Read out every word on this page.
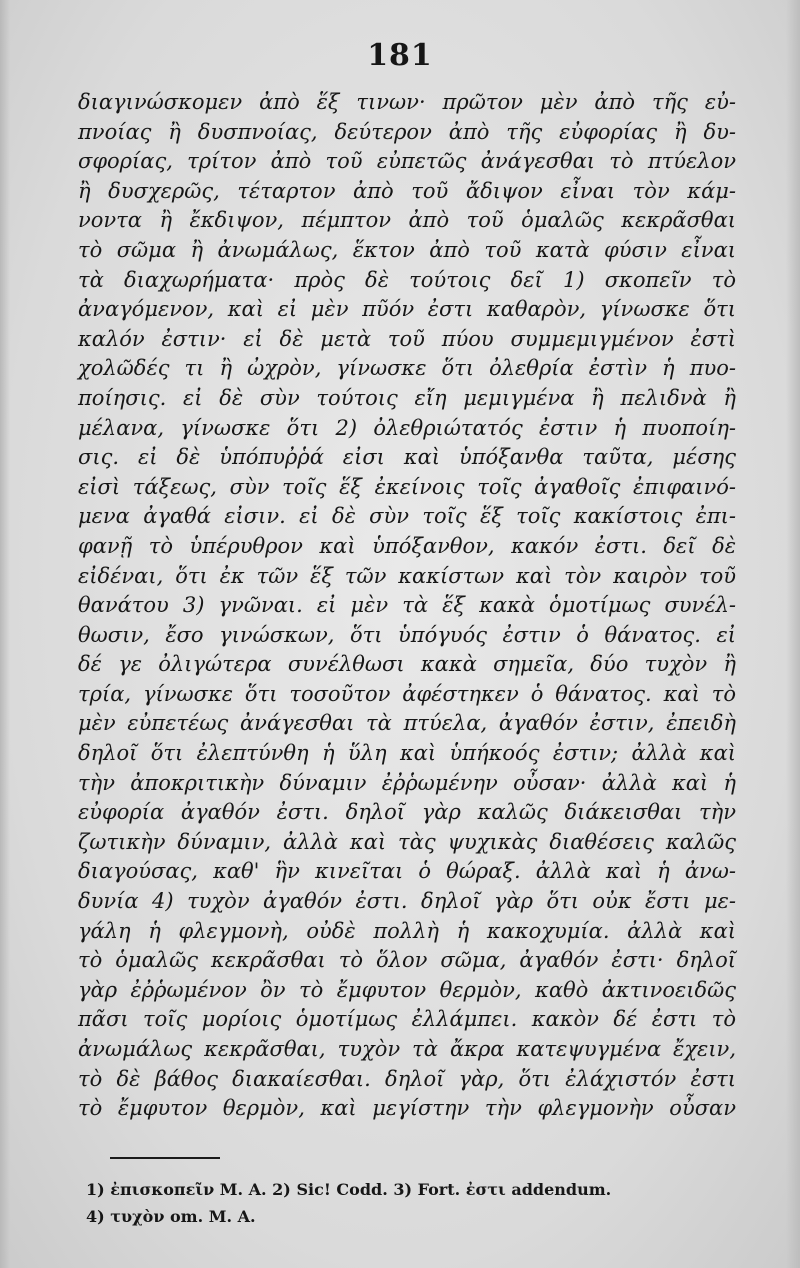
181
διαγινώσκομεν ἀπὸ ἕξ τινων· πρῶτον μὲν ἀπὸ τῆς εὐ-
πνοίας ἢ δυσπνοίας, δεύτερον ἀπὸ τῆς εὐφορίας ἢ δυ-
σφορίας, τρίτον ἀπὸ τοῦ εὐπετῶς ἀνάγεσθαι τὸ πτύελον
ἢ δυσχερῶς, τέταρτον ἀπὸ τοῦ ἄδιψον εἶναι τὸν κάμ-
νοντα ἢ ἔκδιψον, πέμπτον ἀπὸ τοῦ ὁμαλῶς κεκρᾶσθαι
τὸ σῶμα ἢ ἀνωμάλως, ἕκτον ἀπὸ τοῦ κατὰ φύσιν εἶναι
τὰ διαχωρήματα· πρὸς δὲ τούτοις δεῖ 1) σκοπεῖν τὸ
ἀναγόμενον, καὶ εἰ μὲν πῦόν ἐστι καθαρὸν, γίνωσκε ὅτι
καλόν ἐστιν· εἰ δὲ μετὰ τοῦ πύου συμμεμιγμένον ἐστὶ
χολῶδές τι ἢ ὠχρὸν, γίνωσκε ὅτι ὀλεθρία ἐστὶν ἡ πυο-
ποίησις. εἰ δὲ σὺν τούτοις εἴη μεμιγμένα ἢ πελιδνὰ ἢ
μέλανα, γίνωσκε ὅτι 2) ὀλεθριώτατός ἐστιν ἡ πυοποίη-
σις. εἰ δὲ ὑπόπυῤῥά εἰσι καὶ ὑπόξανθα ταῦτα, μέσης
εἰσὶ τάξεως, σὺν τοῖς ἕξ ἐκείνοις τοῖς ἀγαθοῖς ἐπιφαινό-
μενα ἀγαθά εἰσιν. εἰ δὲ σὺν τοῖς ἕξ τοῖς κακίστοις ἐπι-
φανῇ τὸ ὑπέρυθρον καὶ ὑπόξανθον, κακόν ἐστι. δεῖ δὲ
εἰδέναι, ὅτι ἐκ τῶν ἕξ τῶν κακίστων καὶ τὸν καιρὸν τοῦ
θανάτου 3) γνῶναι. εἰ μὲν τὰ ἕξ κακὰ ὁμοτίμως συνέλ-
θωσιν, ἔσο γινώσκων, ὅτι ὑπόγυός ἐστιν ὁ θάνατος. εἰ
δέ γε ὀλιγώτερα συνέλθωσι κακὰ σημεῖα, δύο τυχὸν ἢ
τρία, γίνωσκε ὅτι τοσοῦτον ἀφέστηκεν ὁ θάνατος. καὶ τὸ
μὲν εὐπετέως ἀνάγεσθαι τὰ πτύελα, ἀγαθόν ἐστιν, ἐπειδὴ
δηλοῖ ὅτι ἐλεπτύνθη ἡ ὕλη καὶ ὑπήκοός ἐστιν; ἀλλὰ καὶ
τὴν ἀποκριτικὴν δύναμιν ἐῤῥωμένην οὖσαν· ἀλλὰ καὶ ἡ
εὐφορία ἀγαθόν ἐστι. δηλοῖ γὰρ καλῶς διάκεισθαι τὴν
ζωτικὴν δύναμιν, ἀλλὰ καὶ τὰς ψυχικὰς διαθέσεις καλῶς
διαγούσας, καθ' ἣν κινεῖται ὁ θώραξ. ἀλλὰ καὶ ἡ ἀνω-
δυνία 4) τυχὸν ἀγαθόν ἐστι. δηλοῖ γὰρ ὅτι οὐκ ἔστι με-
γάλη ἡ φλεγμονὴ, οὐδὲ πολλὴ ἡ κακοχυμία. ἀλλὰ καὶ
τὸ ὁμαλῶς κεκρᾶσθαι τὸ ὅλον σῶμα, ἀγαθόν ἐστι· δηλοῖ
γὰρ ἐῤῥωμένον ὂν τὸ ἔμφυτον θερμὸν, καθὸ ἀκτινοειδῶς
πᾶσι τοῖς μορίοις ὁμοτίμως ἐλλάμπει. κακὸν δέ ἐστι τὸ
ἀνωμάλως κεκρᾶσθαι, τυχὸν τὰ ἄκρα κατεψυγμένα ἔχειν,
τὸ δὲ βάθος διακαίεσθαι. δηλοῖ γὰρ, ὅτι ἐλάχιστόν ἐστι
τὸ ἔμφυτον θερμὸν, καὶ μεγίστην τὴν φλεγμονὴν οὖσαν
1) ἐπισκοπεῖν M. A. 2) Sic! Codd. 3) Fort. ἐστι addendum.
4) τυχὸν om. M. A.
